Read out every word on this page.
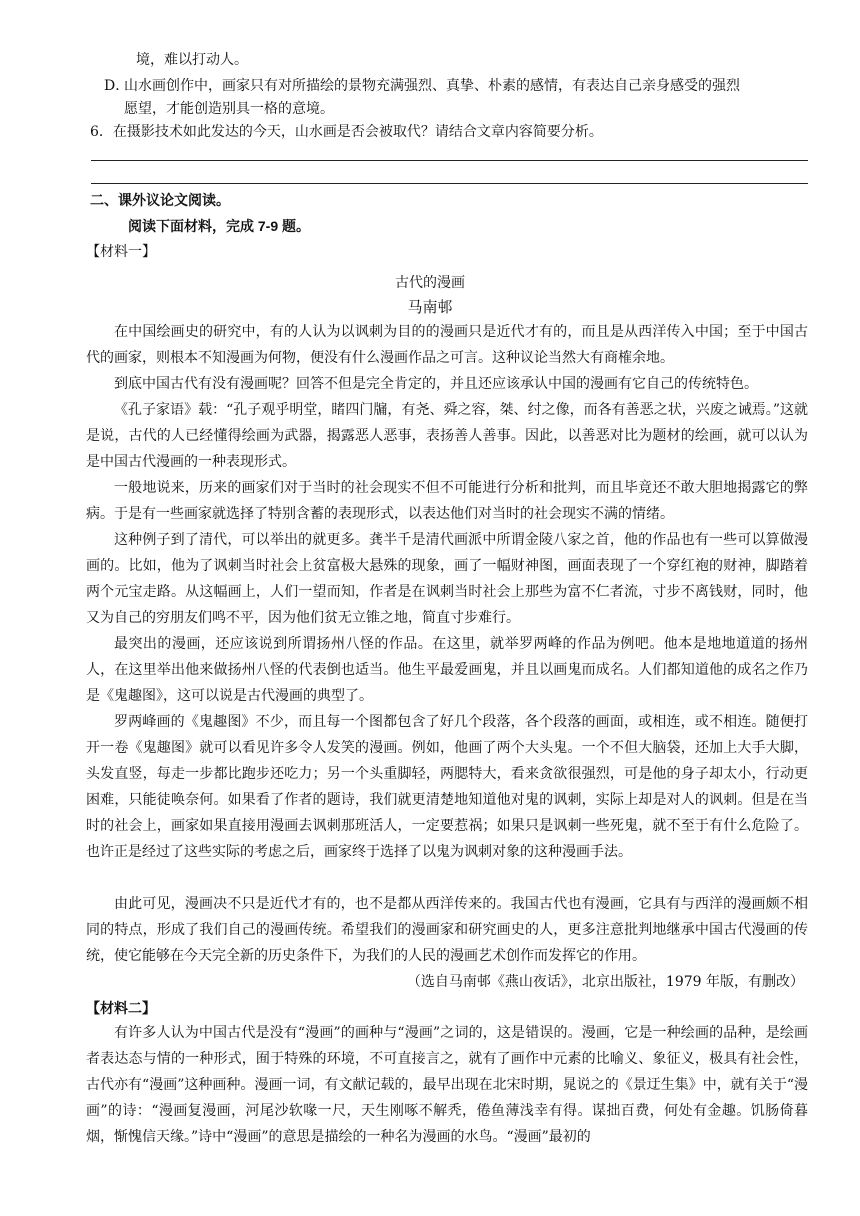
境，难以打动人。
D．山水画创作中，画家只有对所描绘的景物充满强烈、真挚、朴素的感情，有表达自己亲身感受的强烈
愿望，才能创造别具一格的意境。
6．在摄影技术如此发达的今天，山水画是否会被取代？请结合文章内容简要分析。
二、课外议论文阅读。
阅读下面材料，完成 7-9 题。
【材料一】
古代的漫画
马南邨

在中国绘画史的研究中，有的人认为以讽刺为目的的漫画只是近代才有的，而且是从西洋传入中国；至于中国古代的画家，则根本不知漫画为何物，便没有什么漫画作品之可言。这种议论当然大有商榷余地。

到底中国古代有没有漫画呢？回答不但是完全肯定的，并且还应该承认中国的漫画有它自己的传统特色。

《孔子家语》载：“孔子观乎明堂，睹四门牖，有尧、舜之容，桀、纣之像，而各有善恶之状，兴废之诫焉。”这就是说，古代的人已经懂得绘画为武器，揭露恶人恶事，表扬善人善事。因此，以善恶对比为题材的绘画，就可以认为是中国古代漫画的一种表现形式。

一般地说来，历来的画家们对于当时的社会现实不但不可能进行分析和批判，而且毕竟还不敢大胆地揭露它的弊病。于是有一些画家就选择了特别含蓄的表现形式，以表达他们对当时的社会现实不满的情绪。

这种例子到了清代，可以举出的就更多。龚半千是清代画派中所谓金陵八家之首，他的作品也有一些可以算做漫画的。比如，他为了讽刺当时社会上贫富极大悬殊的现象，画了一幅财神图，画面表现了一个穿红袍的财神，脚踏着两个元宝走路。从这幅画上，人们一望而知，作者是在讽刺当时社会上那些为富不仁者流，寸步不离钱财，同时，他又为自己的穷朋友们鸣不平，因为他们贫无立锥之地，简直寸步难行。

最突出的漫画，还应该说到所谓扬州八怪的作品。在这里，就举罗两峰的作品为例吧。他本是地地道道的扬州人，在这里举出他来做扬州八怪的代表倒也适当。他生平最爱画鬼，并且以画鬼而成名。人们都知道他的成名之作乃是《鬼趣图》，这可以说是古代漫画的典型了。

罗两峰画的《鬼趣图》不少，而且每一个图都包含了好几个段落，各个段落的画面，或相连，或不相连。随便打开一卷《鬼趣图》就可以看见许多令人发笑的漫画。例如，他画了两个大头鬼。一个不但大脑袋，还加上大手大脚，头发直竖，每走一步都比跑步还吃力；另一个头重脚轻，两腮特大，看来贪欲很强烈，可是他的身子却太小，行动更困难，只能徒唤奈何。如果看了作者的题诗，我们就更清楚地知道他对鬼的讽刺，实际上却是对人的讽刺。但是在当时的社会上，画家如果直接用漫画去讽刺那班活人，一定要惹祸；如果只是讽刺一些死鬼，就不至于有什么危险了。也许正是经过了这些实际的考虑之后，画家终于选择了以鬼为讽刺对象的这种漫画手法。

由此可见，漫画决不只是近代才有的，也不是都从西洋传来的。我国古代也有漫画，它具有与西洋的漫画颇不相同的特点，形成了我们自己的漫画传统。希望我们的漫画家和研究画史的人，更多注意批判地继承中国古代漫画的传统，使它能够在今天完全新的历史条件下，为我们的人民的漫画艺术创作而发挥它的作用。

（选自马南邨《燕山夜话》，北京出版社，1979 年版，有删改）
【材料二】

有许多人认为中国古代是没有“漫画”的画种与“漫画”之词的，这是错误的。漫画，它是一种绘画的品种，是绘画者表达态与情的一种形式，囿于特殊的环境，不可直接言之，就有了画作中元素的比喻义、象征义，极具有社会性，古代亦有“漫画”这种画种。漫画一词，有文献记载的，最早出现在北宋时期，晁说之的《景迂生集》中，就有关于“漫画”的诗：“漫画复漫画，河尾沙软喙一尺，天生刚啄不解秃，倦鱼薄浅幸有得。谋拙百费，何处有金趣。饥肠倚暮烟，惭愧信天缘。”诗中“漫画”的意思是描绘的一种名为漫画的水鸟。“漫画”最初的
